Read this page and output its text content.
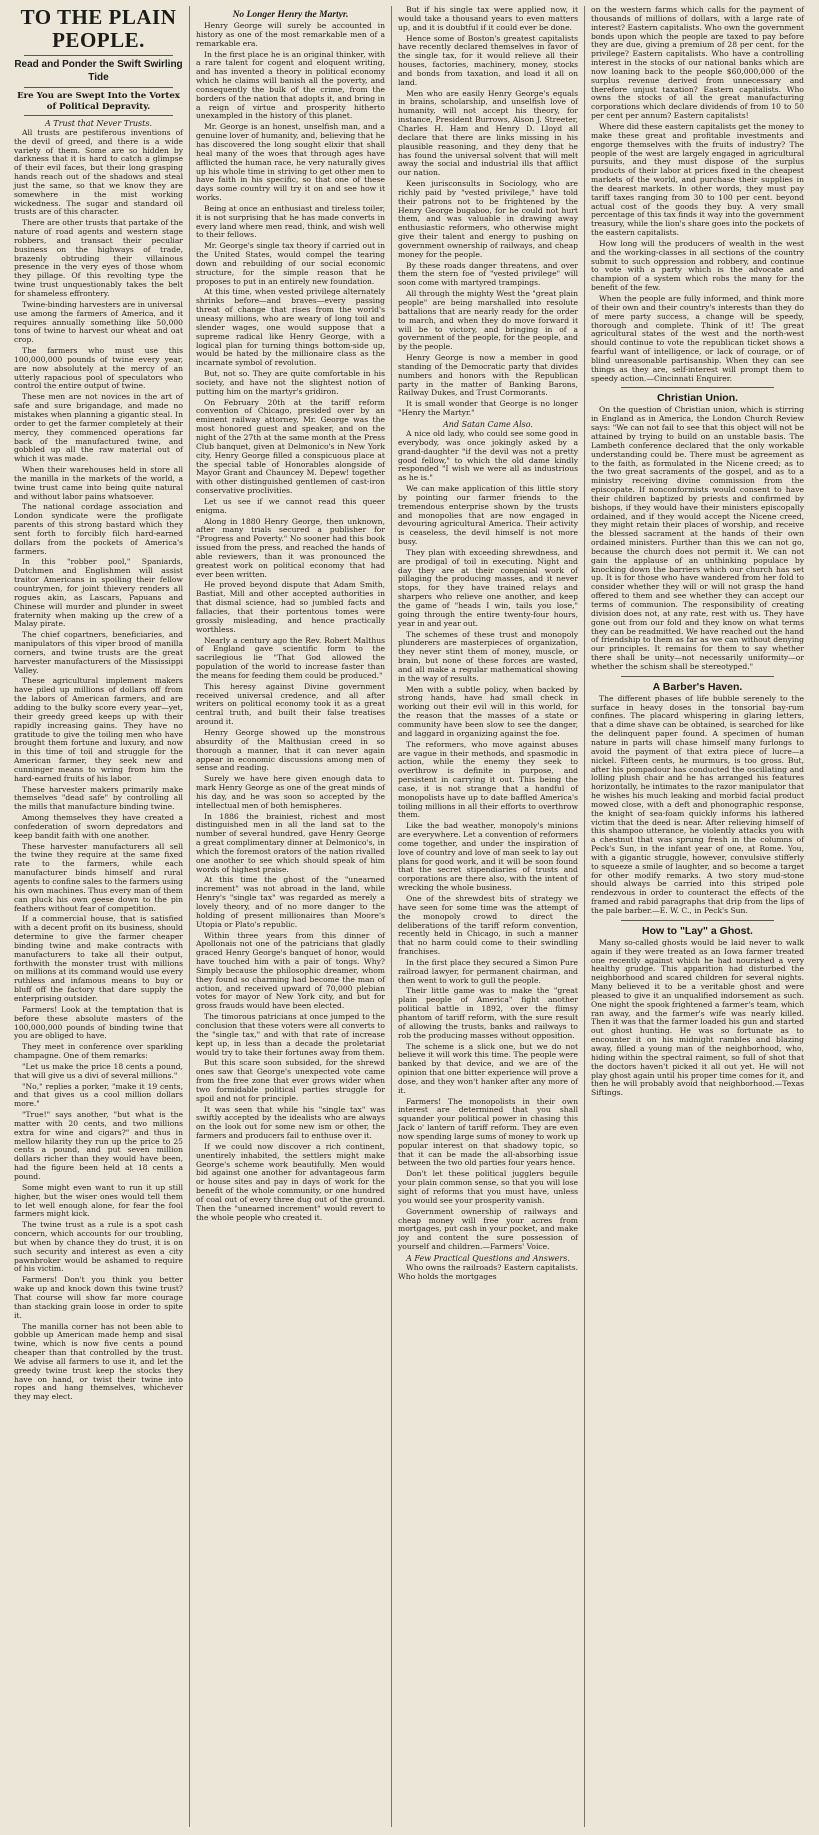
TO THE PLAIN PEOPLE.
Read and Ponder the Swift Swirling Tide
Ere You are Swept Into the Vortex of Political Depravity.
A Trust that Never Trusts.

All trusts are pestiferous inventions of the devil of greed, and there is a wide variety of them. Some are so hidden by darkness that it is hard to catch a glimpse of their evil faces, but their long grasping hands reach out of the shadows and steal just the same, so that we know they are somewhere in the mist working wickedness. The sugar and standard oil trusts are of this character.

There are other trusts that partake of the nature of road agents and western stage robbers, and transact their peculiar business on the highways of trade, brazenly obtruding their villainous presence in the very eyes of those whom they pillage. Of this revolting type the twine trust unquestionably takes the belt for shameless effrontery.

Twine-binding harvesters are in universal use among the farmers of America, and it requires annually something like 50,000 tons of twine to harvest our wheat and oat crop.

The farmers who must use this 100,000,000 pounds of twine every year, are now absolutely at the mercy of an utterly rapacious pool of speculators who control the entire output of twine.

These men are not novices in the art of safe and sure brigandage, and made no mistakes when planning a gigantic steal. In order to get the farmer completely at their mercy, they commenced operations far back of the manufactured twine, and gobbled up all the raw material out of which it was made.

When their warehouses held in store all the manilla in the markets of the world, a twine trust came into being quite natural and without labor pains whatsoever.

The national cordage association and London syndicate were the profligate parents of this strong bastard which they sent forth to forcibly filch hard-earned dollars from the pockets of America's farmers.

In this "robber pool," Spaniards, Dutchmen and Englishmen will assist traitor Americans in spoiling their fellow countrymen, for joint thievery renders all rogues akin, as Lascars, Papuans and Chinese will murder and plunder in sweet fraternity when making up the crew of a Malay pirate.

The chief copartners, beneficiaries, and manipulators of this viper brood of manilla corners, and twine trusts are the great harvester manufacturers of the Mississippi Valley.

These agricultural implement makers have piled up millions of dollars off from the labors of American farmers, and are adding to the bulky score every year—yet, their greedy greed keeps up with their rapidly increasing gains. They have no gratitude to give the toiling men who have brought them fortune and luxury, and now in this time of toil and struggle for the American farmer, they seek new and cunninger means to wring from him the hard-earned fruits of his labor.

These harvester makers primarily make themselves "dead safe" by controlling all the mills that manufacture binding twine.

Among themselves they have created a confederation of sworn depredators and keep bandit faith with one another.

These harvester manufacturers all sell the twine they require at the same fixed rate to the farmers, while each manufacturer binds himself and rural agents to confine sales to the farmers using his own machines. Thus every man of them can pluck his own geese down to the pin feathers without fear of competition.

If a commercial house, that is satisfied with a decent profit on its business, should determine to give the farmer cheaper binding twine and make contracts with manufacturers to take all their output, forthwith the monster trust with millions on millions at its command would use every ruthless and infamous means to buy or bluff off the factory that dare supply the enterprising outsider.

Farmers! Look at the temptation that is before these absolute masters of the 100,000,000 pounds of binding twine that you are obliged to have.

They meet in conference over sparkling champagne. One of them remarks:

"Let us make the price 18 cents a pound, that will give us a divi of several millions."

"No," replies a porker, "make it 19 cents, and that gives us a cool million dollars more."

"True!" says another, "but what is the matter with 20 cents, and two millions extra for wine and cigars?" and thus in mellow hilarity they run up the price to 25 cents a pound, and put seven million dollars richer than they would have been, had the figure been held at 18 cents a pound.

Some might even want to run it up still higher, but the wiser ones would tell them to let well enough alone, for fear the fool farmers might kick.

The twine trust as a rule is a spot cash concern, which accounts for our troubling, but when by chance they do trust, it is on such security and interest as even a city pawnbroker would be ashamed to require of his victim.

Farmers! Don't you think you better wake up and knock down this twine trust? That course will show far more courage than stacking grain loose in order to spite it.

The manilla corner has not been able to gobble up American made hemp and sisal twine, which is now five cents a pound cheaper than that controlled by the trust. We advise all farmers to use it, and let the greedy twine trust keep the stocks they have on hand, or twist their twine into ropes and hang themselves, whichever they may elect.

No Longer Henry the Martyr.

Henry George will surely be accounted in history as one of the most remarkable men of a remarkable era.

In the first place he is an original thinker, with a rare talent for cogent and eloquent writing, and has invented a theory in political economy which he claims will banish all the poverty, and consequently the bulk of the crime, from the borders of the nation that adopts it, and bring in a reign of virtue and prosperity hitherto unexampled in the history of this planet.

Mr. George is an honest, unselfish man, and a genuine lover of humanity, and, believing that he has discovered the long sought elixir that shall heal many of the woes that through ages have afflicted the human race, he very naturally gives up his whole time in striving to get other men to have faith in his specific, so that one of these days some country will try it on and see how it works.

Being at once an enthusiast and tireless toiler, it is not surprising that he has made converts in every land where men read, think, and wish well to their fellows.

Mr. George's single tax theory if carried out in the United States, would compel the tearing down and rebuilding of our social economic structure, for the simple reason that he proposes to put in an entirely new foundation.

At this time, when vested privilege alternately shrinks before—and braves—every passing threat of change that rises from the world's uneasy millions, who are weary of long toil and slender wages, one would suppose that a supreme radical like Henry George, with a logical plan for turning things bottom-side up, would be hated by the millionaire class as the incarnate symbol of revolution.

But, not so. They are quite comfortable in his society, and have not the slightest notion of putting him on the martyr's gridiron.

On February 20th at the tariff reform convention of Chicago, presided over by an eminent railway attorney, Mr. George was the most honored guest and speaker, and on the night of the 27th at the same month at the Press Club banquet, given at Delmonico's in New York city, Henry George filled a conspicuous place at the special table of Honorables alongside of Mayor Grant and Chauncey M. Depew! together with other distinguished gentlemen of cast-iron conservative proclivities.

Let us see if we cannot read this queer enigma.

Along in 1880 Henry George, then unknown, after many trials secured a publisher for "Progress and Poverty." No sooner had this book issued from the press, and reached the hands of able reviewers, than it was pronounced the greatest work on political economy that had ever been written.

He proved beyond dispute that Adam Smith, Bastiat, Mill and other accepted authorities in that dismal science, had so jumbled facts and fallacies, that their portentous tomes were grossly misleading, and hence practically worthless.

Nearly a century ago the Rev. Robert Malthus of England gave scientific form to the sacrilegious lie "That God allowed the population of the world to increase faster than the means for feeding them could be produced."

This heresy against Divine government received universal credence, and all after writers on political economy took it as a great central truth, and built their false treatises around it.

Henry George showed up the monstrous absurdity of the Malthusian creed in so thorough a manner, that it can never again appear in economic discussions among men of sense and reading.

Surely we have here given enough data to mark Henry George as one of the great minds of his day, and he was soon so accepted by the intellectual men of both hemispheres.

In 1886 the brainiest, richest and most distinguished men in all the land sat to the number of several hundred, gave Henry George a great complimentary dinner at Delmonico's, in which the foremost orators of the nation rivalled one another to see which should speak of him words of highest praise.

At this time the ghost of the "unearned increment" was not abroad in the land, while Henry's "single tax" was regarded as merely a lovely theory, and of no more danger to the holding of present millionaires than Moore's Utopia or Plato's republic.

Within three years from this dinner of Apollonais not one of the patricians that gladly graced Henry George's banquet of honor, would have touched him with a pair of tongs. Why? Simply because the philosophic dreamer, whom they found so charming had become the man of action, and received upward of 70,000 plebian votes for mayor of New York city, and but for gross frauds would have been elected.

The timorous patricians at once jumped to the conclusion that these voters were all converts to the "single tax," and with that rate of increase kept up, in less than a decade the proletariat would try to take their fortunes away from them.

But this scare soon subsided, for the shrewd ones saw that George's unexpected vote came from the free zone that ever grows wider when two formidable political parties struggle for spoil and not for principle.

It was seen that while his "single tax" was swiftly accepted by the idealists who are always on the look out for some new ism or other, the farmers and producers fail to enthuse over it.

If we could now discover a rich continent, unentirely inhabited, the settlers might make George's scheme work beautifully. Men would bid against one another for advantageous farm or house sites and pay in days of work for the benefit of the whole community, or one hundred of coal out of every three dug out of the ground. Then the "unearned increment" would revert to the whole people who created it.

But if his single tax were applied now, it would take a thousand years to even matters up, and it is doubtful if it could ever be done.

Hence some of Boston's greatest capitalists have recently declared themselves in favor of the single tax, for it would relieve all their houses, factories, machinery, money, stocks and bonds from taxation, and load it all on land.

Men who are easily Henry George's equals in brains, scholarship, and unselfish love of humanity, will not accept his theory, for instance, President Burrows, Alson J. Streeter, Charles H. Ham and Henry D. Lloyd all declare that there are links missing in his plausible reasoning, and they deny that he has found the universal solvent that will melt away the social and industrial ills that afflict our nation.

Keen jurisconsults in Sociology, who are richly paid by "vested privilege," have told their patrons not to be frightened by the Henry George bugaboo, for he could not hurt them, and was valuable in drawing away enthusiastic reformers, who otherwise might give their talent and energy to pushing on government ownership of railways, and cheap money for the people.

By these roads danger threatens, and over them the stern foe of "vested privilege" will soon come with martyred trampings.

All through the mighty West the "great plain people" are being marshalled into resolute battalions that are nearly ready for the order to march, and when they do move forward it will be to victory, and bringing in of a government of the people, for the people, and by the people.

Henry George is now a member in good standing of the Democratic party that divides numbers and honors with the Republican party in the matter of Banking Barons, Railway Dukes, and Trust Cormorants.

It is small wonder that George is no longer "Henry the Martyr."

And Satan Came Also.

A nice old lady, who could see some good in everybody, was once jokingly asked by a grand-daughter "if the devil was not a pretty good fellow," to which the old dame kindly responded "I wish we were all as industrious as he is."

We can make application of this little story by pointing our farmer friends to the tremendous enterprise shown by the trusts and monopolies that are now engaged in devouring agricultural America. Their activity is ceaseless, the devil himself is not more busy.

They plan with exceeding shrewdness, and are prodigal of toil in executing. Night and day they are at their congenial work of pillaging the producing masses, and it never stops, for they have trained relays and sharpers who relieve one another, and keep the game of "heads I win, tails you lose," going through the entire twenty-four hours, year in and year out.

The schemes of these trust and monopoly plunderers are masterpieces of organization, they never stint them of money, muscle, or brain, but none of these forces are wasted, and all make a regular mathematical showing in the way of results.

Men with a subtle policy, when backed by strong hands, have had small check in working out their evil will in this world, for the reason that the masses of a state or community have been slow to see the danger, and laggard in organizing against the foe.

The reformers, who move against abuses are vague in their methods, and spasmodic in action, while the enemy they seek to overthrow is definite in purpose, and persistent in carrying it out. This being the case, it is not strange that a handful of monopolists have up to date baffled America's toiling millions in all their efforts to overthrow them.

Like the bad weather, monopoly's minions are everywhere. Let a convention of reformers come together, and under the inspiration of love of country and love of man seek to lay out plans for good work, and it will be soon found that the secret stipendiaries of trusts and corporations are there also, with the intent of wrecking the whole business.

One of the shrewdest bits of strategy we have seen for some time was the attempt of the monopoly crowd to direct the deliberations of the tariff reform convention, recently held in Chicago, in such a manner that no harm could come to their swindling franchises.

In the first place they secured a Simon Pure railroad lawyer, for permanent chairman, and then went to work to gull the people.

Their little game was to make the "great plain people of America" fight another political battle in 1892, over the flimsy phantom of tariff reform, with the sure result of allowing the trusts, banks and railways to rob the producing masses without opposition.

The scheme is a slick one, but we do not believe it will work this time. The people were banked by that device, and we are of the opinion that one bitter experience will prove a dose, and they won't hanker after any more of it.

Farmers! The monopolists in their own interest are determined that you shall squander your political power in chasing this Jack o' lantern of tariff reform. They are even now spending large sums of money to work up popular interest on that shadowy topic, so that it can be made the all-absorbing issue between the two old parties four years hence.

Don't let these political jugglers beguile your plain common sense, so that you will lose sight of reforms that you must have, unless you would see your prosperity vanish.

Government ownership of railways and cheap money will free your acres from mortgages, put cash in your pocket, and make joy and content the sure possession of yourself and children.—Farmers' Voice.

A Few Practical Questions and Answers.

Who owns the railroads? Eastern capitalists. Who holds the mortgages

on the western farms which calls for the payment of thousands of millions of dollars, with a large rate of interest? Eastern capitalists. Who own the government bonds upon which the people are taxed to pay before they are due, giving a premium of 28 per cent. for the privilege? Eastern capitalists. Who have a controlling interest in the stocks of our national banks which are now loaning back to the people $60,000,000 of the surplus revenue derived from unnecessary and therefore unjust taxation? Eastern capitalists. Who owns the stocks of all the great manufacturing corporations which declare dividends of from 10 to 50 per cent per annum? Eastern capitalists!

Where did these eastern capitalists get the money to make these great and profitable investments and engorge themselves with the fruits of industry? The people of the west are largely engaged in agricultural pursuits, and they must dispose of the surplus products of their labor at prices fixed in the cheapest markets of the world, and purchase their supplies in the dearest markets. In other words, they must pay tariff taxes ranging from 30 to 100 per cent. beyond actual cost of the goods they buy. A very small percentage of this tax finds it way into the government treasury, while the lion's share goes into the pockets of the eastern capitalists.

How long will the producers of wealth in the west and the working-classes in all sections of the country submit to such oppression and robbery, and continue to vote with a party which is the advocate and champion of a system which robs the many for the benefit of the few.

When the people are fully informed, and think more of their own and their country's interests than they do of mere party success, a change will be speedy, thorough and complete. Think of it! The great agricultural states of the west and the north-west should continue to vote the republican ticket shows a fearful want of intelligence, or lack of courage, or of blind unreasonable partisanship. When they can see things as they are, self-interest will prompt them to speedy action.—Cincinnati Enquirer.

Christian Union.

On the question of Christian union, which is stirring in England as in America, the London Church Review says: "We can not fail to see that this object will not be attained by trying to build on an unstable basis. The Lambeth conference declared that the only workable understanding could be. There must be agreement as to the faith, as formulated in the Nicene creed; as to the two great sacraments of the gospel, and as to a ministry receiving divine commission from the episcopate. If nonconformists would consent to have their children baptized by priests and confirmed by bishops, if they would have their ministers episcopally ordained, and if they would accept the Nicene creed, they might retain their places of worship, and receive the blessed sacrament at the hands of their own ordained ministers. Further than this we can not go, because the church does not permit it. We can not gain the applause of an unthinking populace by knocking down the barriers which our church has set up. It is for those who have wandered from her fold to consider whether they will or will not grasp the hand offered to them and see whether they can accept our terms of communion. The responsibility of creating division does not, at any rate, rest with us. They have gone out from our fold and they know on what terms they can be readmitted. We have reached out the hand of friendship to them as far as we can without denying our principles. It remains for them to say whether there shall be unity—not necessarily uniformity—or whether the schism shall be stereotyped."

A Barber's Haven.

The different phases of life bubble serenely to the surface in heavy doses in the tonsorial bay-rum confines. The placard whispering in glaring letters, that a dime shave can be obtained, is searched for like the delinquent paper found. A specimen of human nature in parts will chase himself many furlongs to avoid the payment of that extra piece of lucre—a nickel. Fifteen cents, he murmurs, is too gross. But, after his pompadour has conducted the oscillating and lolling plush chair and he has arranged his features horizontally, he intimates to the razor manipulator that he wishes his much leaking and morbid facial product mowed close, with a deft and phonographic response, the knight of sea-foam quickly informs his lathered victim that the deed is near. After relieving himself of this shampoo utterance, he violently attacks you with a chestnut that was sprung fresh in the columns of Peck's Sun, in the infant year of one, at Rome. You, with a gigantic struggle, however, convulsive stifferly to squeeze a smile of laughter, and so become a target for other modify remarks. A two story mud-stone should always be carried into this striped pole rendezvous in order to counteract the effects of the framed and rabid paragraphs that drip from the lips of the pale barber.—E. W. C., in Peck's Sun.

How to "Lay" a Ghost.

Many so-called ghosts would be laid never to walk again if they were treated as an Iowa farmer treated one recently against which he had nourished a very healthy grudge. This apparition had disturbed the neighborhood and scared children for several nights. Many believed it to be a veritable ghost and were pleased to give it an unqualified indorsement as such. One night the spook frightened a farmer's team, which ran away, and the farmer's wife was nearly killed. Then it was that the farmer loaded his gun and started out ghost hunting. He was so fortunate as to encounter it on his midnight rambles and blazing away, filled a young man of the neighborhood, who, hiding within the spectral raiment, so full of shot that the doctors haven't picked it all out yet. He will not play ghost again until his proper time comes for it, and then he will probably avoid that neighborhood.—Texas Siftings.
